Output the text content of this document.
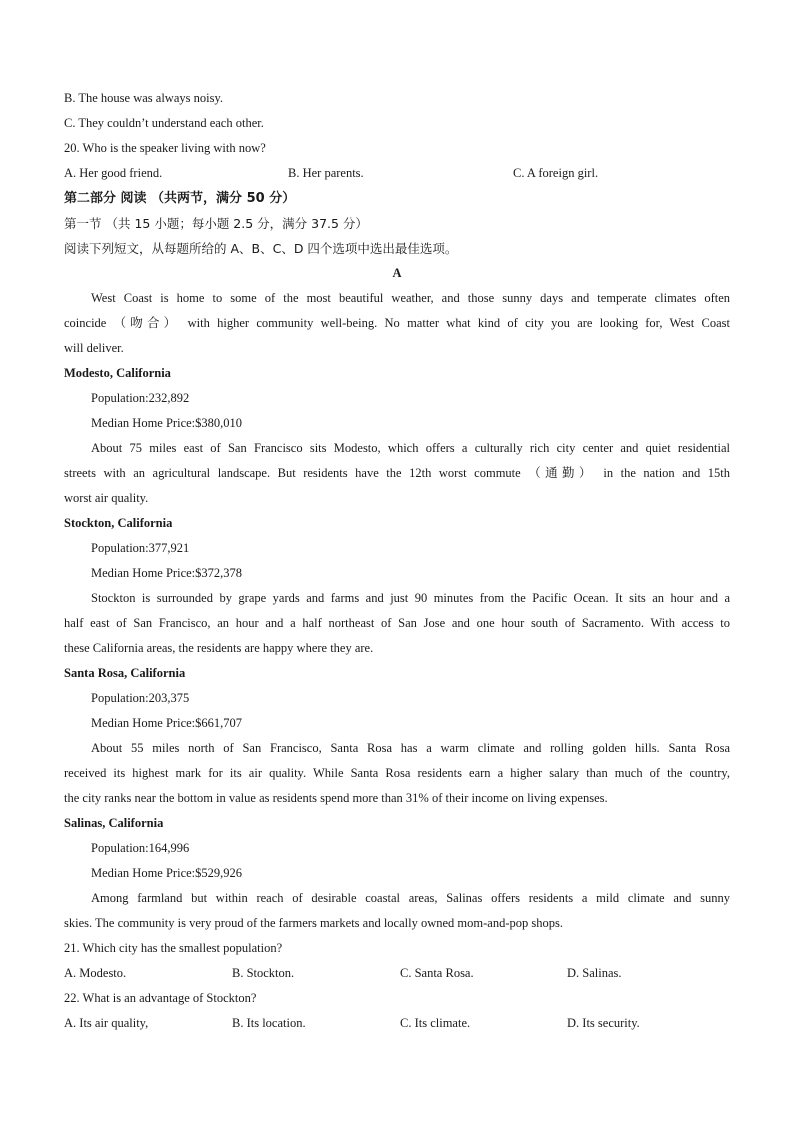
B. The house was always noisy.
C. They couldn’t understand each other.
20. Who is the speaker living with now?
A. Her good friend.	B. Her parents.	C. A foreign girl.
第二部分 阅读 （共两节，满分 50 分）
第一节 （共 15 小题；每小题 2.5 分，满分 37.5 分）
阅读下列短文，从每题所给的 A、B、C、D 四个选项中选出最佳选项。
A
West Coast is home to some of the most beautiful weather, and those sunny days and temperate climates often
coincide （吻合） with higher community well-being. No matter what kind of city you are looking for, West Coast
will deliver.
Modesto, California
Population:232,892
Median Home Price:$380,010
About 75 miles east of San Francisco sits Modesto, which offers a culturally rich city center and quiet residential
streets with an agricultural landscape. But residents have the 12th worst commute （通勤） in the nation and 15th
worst air quality.
Stockton, California
Population:377,921
Median Home Price:$372,378
Stockton is surrounded by grape yards and farms and just 90 minutes from the Pacific Ocean. It sits an hour and a
half east of San Francisco, an hour and a half northeast of San Jose and one hour south of Sacramento. With access to
these California areas, the residents are happy where they are.
Santa Rosa, California
Population:203,375
Median Home Price:$661,707
About 55 miles north of San Francisco, Santa Rosa has a warm climate and rolling golden hills. Santa Rosa
received its highest mark for its air quality. While Santa Rosa residents earn a higher salary than much of the country,
the city ranks near the bottom in value as residents spend more than 31% of their income on living expenses.
Salinas, California
Population:164,996
Median Home Price:$529,926
Among farmland but within reach of desirable coastal areas, Salinas offers residents a mild climate and sunny
skies. The community is very proud of the farmers markets and locally owned mom-and-pop shops.
21. Which city has the smallest population?
A. Modesto.	B. Stockton.	C. Santa Rosa.	D. Salinas.
22. What is an advantage of Stockton?
A. Its air quality,	B. Its location.	C. Its climate.	D. Its security.
